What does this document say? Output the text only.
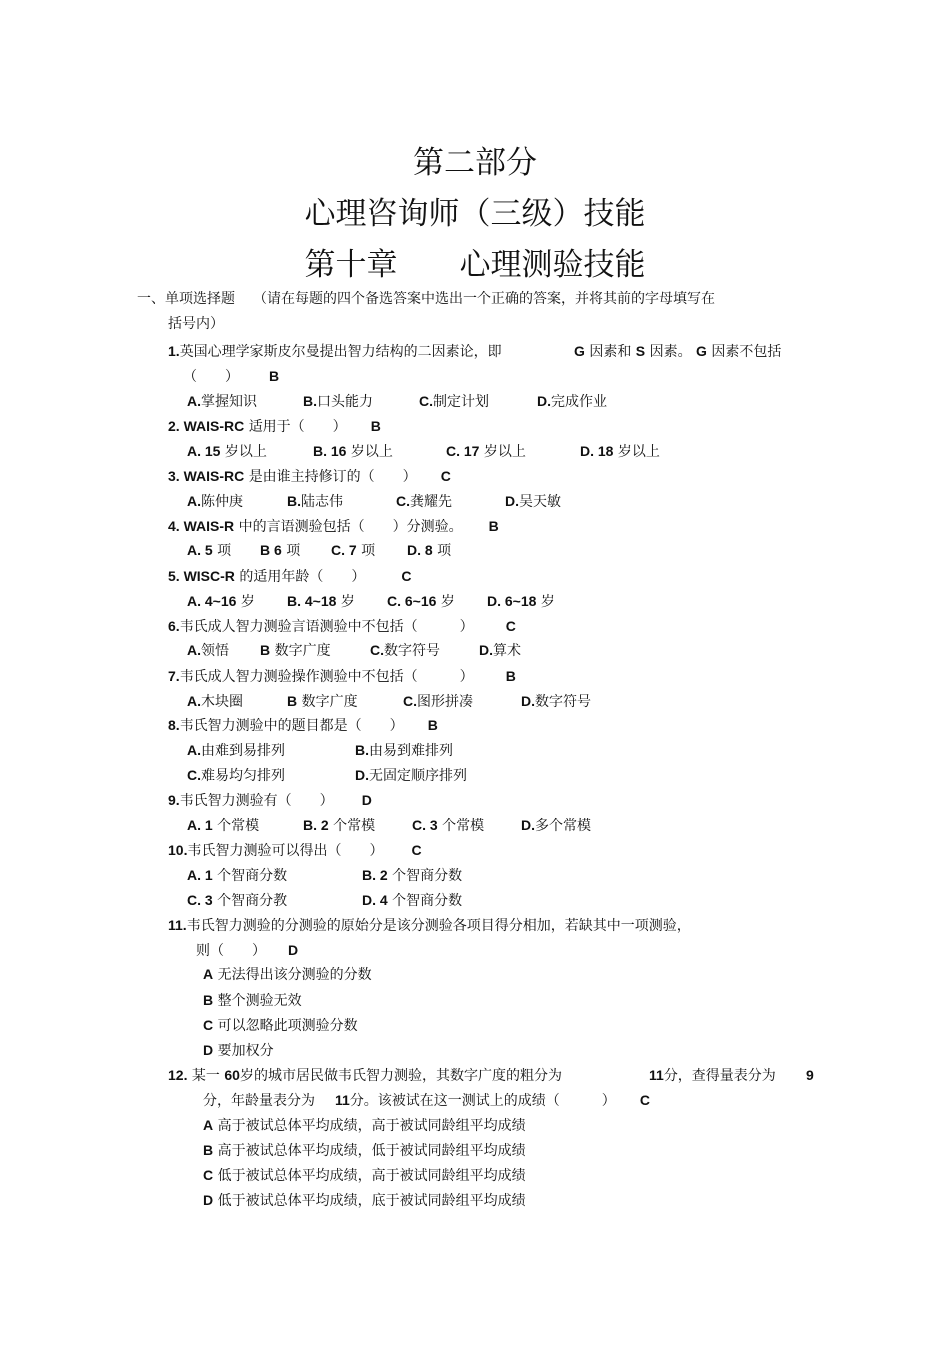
第二部分
心理咨询师（三级）技能
第十章　　 心理测验技能
一、单项选择题 （请在每题的四个备选答案中选出一个正确的答案，并将其前的字母填写在
括号内）
1.英国心理学家斯皮尔曼提出智力结构的二因素论，即	G 因素和 S 因素。 G 因素不包括
（　　） B
A.掌握知识	B.口头能力	C.制定计划	D.完成作业
2. WAIS-RC 适用于（　　） B
A. 15 岁以上	B. 16 岁以上	C. 17 岁以上	D. 18 岁以上
3. WAIS-RC 是由谁主持修订的（　　） C
A.陈仲庚	B.陆志伟	C.龚耀先	D.吴天敏
4. WAIS-R 中的言语测验包括（　　）分测验。 B
A. 5 项 B 6 项 C. 7 项 D. 8 项
5. WISC-R 的适用年龄（　　）	C
A. 4~16 岁 B. 4~18 岁 C. 6~16 岁 D. 6~18 岁
6.韦氏成人智力测验言语测验中不包括（　　　） C
A.领悟 B 数字广度	C.数字符号	D.算术
7.韦氏成人智力测验操作测验中不包括（　　　） B
A.木块圈	B 数字广度	C.图形拼凑	D.数字符号
8.韦氏智力测验中的题目都是（　　） B
A.由难到易排列	B.由易到难排列
C.难易均匀排列	D.无固定顺序排列
9.韦氏智力测验有（　　） D
A. 1 个常模	B. 2 个常模	C. 3 个常模	D.多个常模
10.韦氏智力测验可以得出（　　） C
A. 1 个智商分数	B. 2 个智商分数
C. 3 个智商分教	D. 4 个智商分数
11.韦氏智力测验的分测验的原始分是该分测验各项目得分相加，若缺其中一项测验，
则（　　） D
A 无法得出该分测验的分数
B 整个测验无效
C 可以忽略此项测验分数
D 要加权分
12. 某一 60岁的城市居民做韦氏智力测验，其数字广度的粗分为	11分，查得量表分为 9
分，年龄量表分为 11分。该被试在这一测试上的成绩（　　　） C
A 高于被试总体平均成绩，高于被试同龄组平均成绩
B 高于被试总体平均成绩，低于被试同龄组平均成绩
C 低于被试总体平均成绩，高于被试同龄组平均成绩
D 低于被试总体平均成绩，底于被试同龄组平均成绩
